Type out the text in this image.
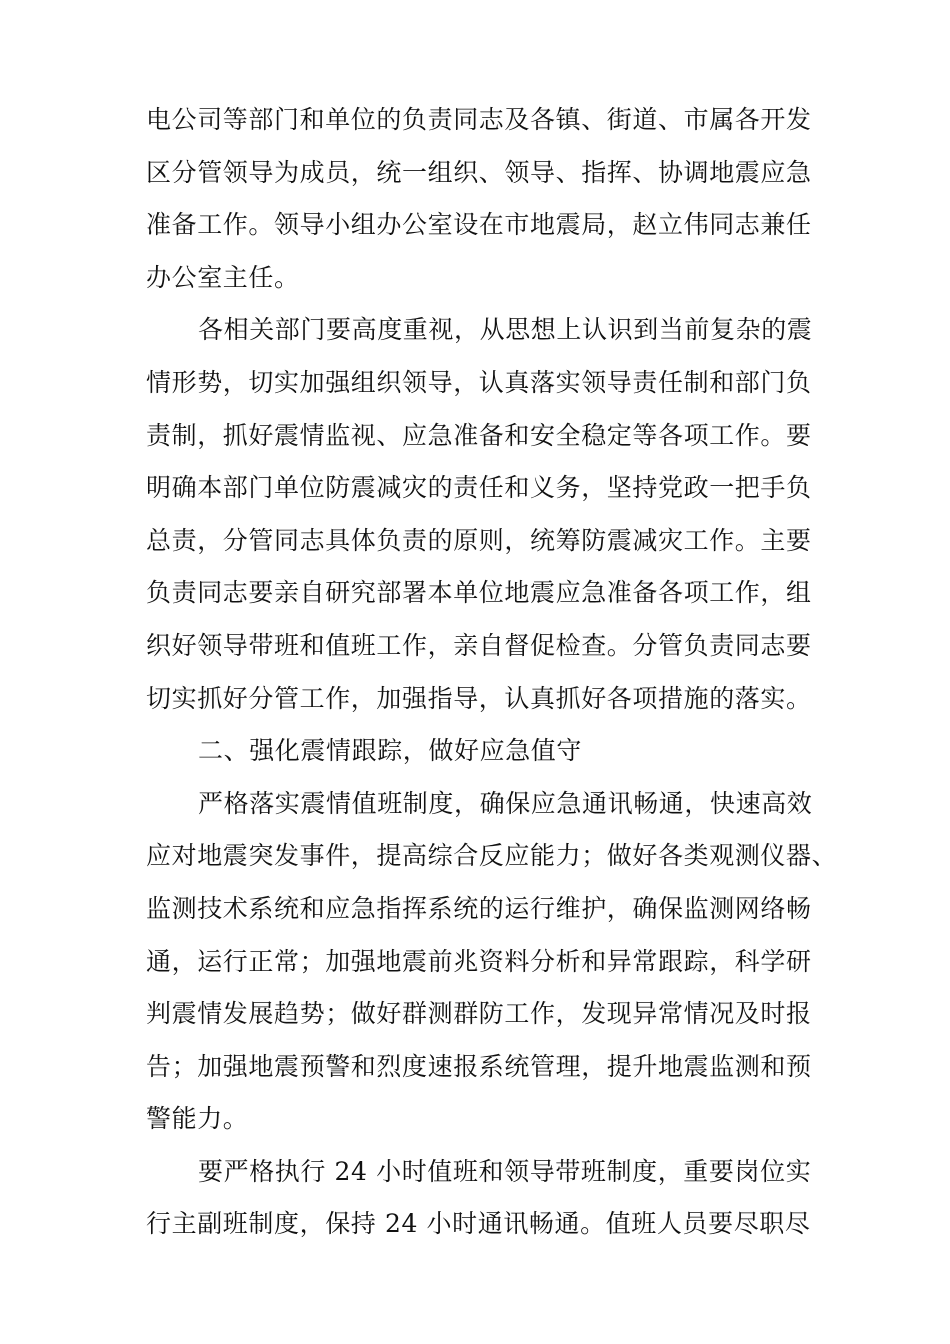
电公司等部门和单位的负责同志及各镇、街道、市属各开发
区分管领导为成员，统一组织、领导、指挥、协调地震应急
准备工作。领导小组办公室设在市地震局，赵立伟同志兼任
办公室主任。
各相关部门要高度重视，从思想上认识到当前复杂的震
情形势，切实加强组织领导，认真落实领导责任制和部门负
责制，抓好震情监视、应急准备和安全稳定等各项工作。要
明确本部门单位防震减灾的责任和义务，坚持党政一把手负
总责，分管同志具体负责的原则，统筹防震减灾工作。主要
负责同志要亲自研究部署本单位地震应急准备各项工作，组
织好领导带班和值班工作，亲自督促检查。分管负责同志要
切实抓好分管工作，加强指导，认真抓好各项措施的落实。
二、强化震情跟踪，做好应急值守
严格落实震情值班制度，确保应急通讯畅通，快速高效
应对地震突发事件，提高综合反应能力；做好各类观测仪器、
监测技术系统和应急指挥系统的运行维护，确保监测网络畅
通，运行正常；加强地震前兆资料分析和异常跟踪，科学研
判震情发展趋势；做好群测群防工作，发现异常情况及时报
告；加强地震预警和烈度速报系统管理，提升地震监测和预
警能力。
要严格执行 24 小时值班和领导带班制度，重要岗位实
行主副班制度，保持 24 小时通讯畅通。值班人员要尽职尽
